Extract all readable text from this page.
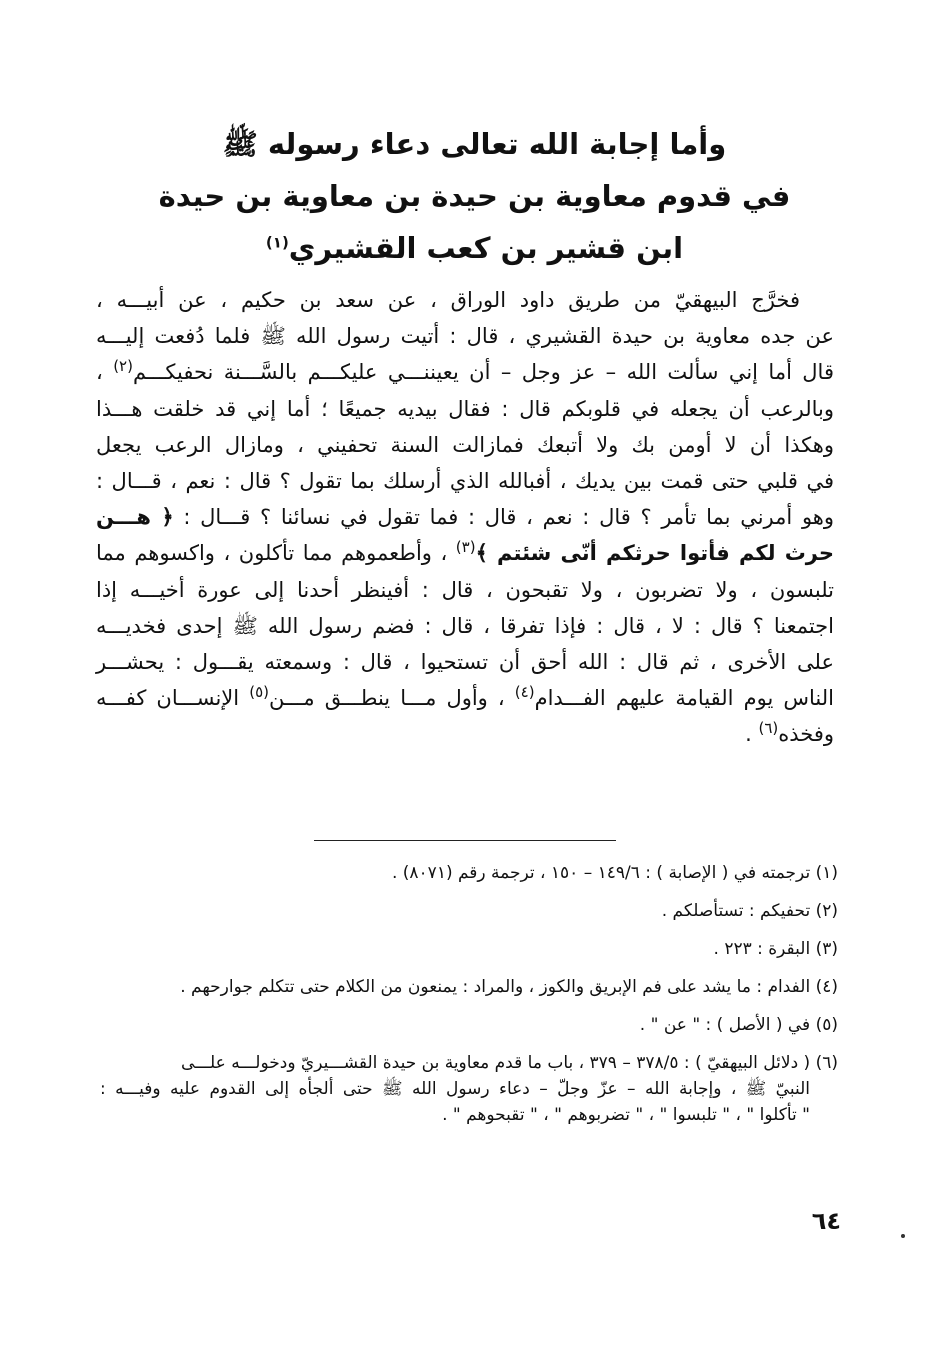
وأما إجابة الله تعالى دعاء رسوله ﷺ
في قدوم معاوية بن حيدة بن معاوية بن حيدة
ابن قشير بن كعب القشيري$^{(١)}$
فخرَّج البيهقيّ من طريق داود الوراق ، عن سعد بن حكيم ، عن أبيـــه ،
عن جده معاوية بن حيدة القشيري ، قال : أتيت رسول الله ﷺ فلما دُفعت إليـــه
قال أما إني سألت الله – عز وجل – أن يعيننـــي عليكـــم بالسَّـــنة نحفيكـــم$^{(٢)}$ ،
وبالرعب أن يجعله في قلوبكم قال : فقال بيديه جميعًا ؛ أما إني قد خلقت هـــذا
وهكذا أن لا أومن بك ولا أتبعك فمازالت السنة تحفيني ، ومازال الرعب يجعل
في قلبي حتى قمت بين يديك ، أفبالله الذي أرسلك بما تقول ؟ قال : نعم ، قـــال :
وهو أمرني بما تأمر ؟ قال : نعم ، قال : فما تقول في نسائنا ؟ قـــال : ﴿ هـــن
حرث لكم فأتوا حرثكم أنّى شئتم ﴾$^{(٣)}$ ، وأطعموهم مما تأكلون ، واكسوهم مما
تلبسون ، ولا تضربون ، ولا تقبحون ، قال : أفينظر أحدنا إلى عورة أخيـــه إذا
اجتمعنا ؟ قال : لا ، قال : فإذا تفرقا ، قال : فضم رسول الله ﷺ إحدى فخديـــه
على الأخرى ، ثم قال : الله أحق أن تستحيوا ، قال : وسمعته يقـــول : يحشـــر
الناس يوم القيامة عليهم الفـــدام$^{(٤)}$ ، وأول مـــا ينطـــق مـــن$^{(٥)}$ الإنســـان كفـــه
وفخذه$^{(٦)}$ .
(١) ترجمته في ( الإصابة ) : ١٤٩/٦ – ١٥٠ ، ترجمة رقم (٨٠٧١) .
(٢) تحفيكم : تستأصلكم .
(٣) البقرة : ٢٢٣ .
(٤) الفدام : ما يشد على فم الإبريق والكوز ، والمراد : يمنعون من الكلام حتى تتكلم جوارحهم .
(٥) في ( الأصل ) : " عن " .
(٦) ( دلائل البيهقيّ ) : ٣٧٨/٥ – ٣٧٩ ، باب ما قدم معاوية بن حيدة القشـــيريّ ودخولـــه علـــى
النبيّ ﷺ ، وإجابة الله – عزّ وجلّ – دعاء رسول الله ﷺ حتى ألجأه إلى القدوم عليه وفيـــه :
" تأكلوا " ، " تلبسوا " ، " تضربوهم " ، " تقبحوهم " .
٦٤
